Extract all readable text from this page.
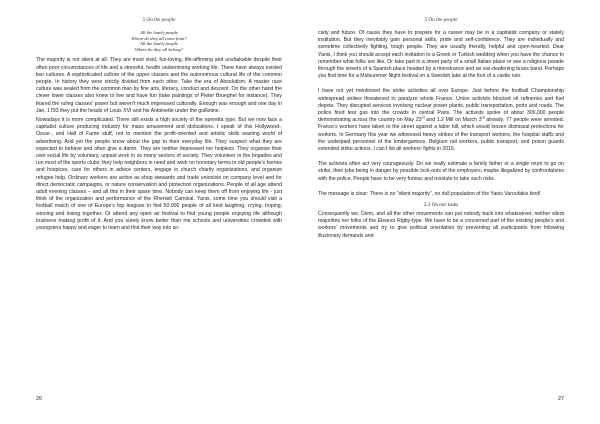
5 On the people
All the lonely people
Where do they all come from?
All the lonely people
Where do they all belong?

The majority is not silent at all. They are most vivid, fun-loving, life-affirming and unshakable despite their often poor circumstances of life and a stressful, health undermining working life. There have always existed two cultures. A sophisticated culture of the upper classes and the autonomous cultural life of the common people. In history they were strictly divided from each other. Take the era of Absolutism. A master race culture was sealed from the common man by fine arts, literacy, conduct and descent. On the other hand the clever lower classes also knew to live and have fun (take paintings of Pieter Brueghel for instance). They feared the ruling classes’ power but weren’t much impressed culturally. Enough was enough and one day in Jan. 1793 they put the heads of Louis XVI and his Antoinette under the guillotine.

Nowadays it is more complicated. There still exists a high society of the operetta type. But we now face a capitalist culture producing industry for mass amusement and idolizations. I speak of this Hollywood-, Oscar-, and Hall of Fame stuff, not to mention the profit-oriented and artistic skills wasting world of advertising. And yet the people know about the gap to their everyday life. They suspect what they are expected to behave and often give a damn. They are neither depressed nor helpless. They organize their own social life by voluntary, unpaid work in so many sectors of society. They volunteer in fire brigades and run most of the sports clubs; they help neighbors in need and work on honorary terms in old people’s homes and hospices, care for others in advice centers, engage in church charity organizations, and organize refugee help. Ordinary workers are active as shop stewards and trade unionists on company level and for direct democratic campaigns, or nature conservation and protection organizations. People of all age attend adult evening classes – and all this in their spare time. Nobody can keep them off from enjoying life - just think of the organization and performance of the Rhenish Carnival. Yanis, some time you should visit a football match of one of Europe’s top leagues to find 50.000 people of all kind laughing, crying, hoping, winning and losing together. Or attend any open air festival to find young people enjoying life although business making profit of it. And you surely know better than me schools and universities crowded with youngsters happy and eager to learn and find their way into so-

26
5 On the people

ciety and future. Of cause they have to prepare for a career may be in a capitalist company or stately institution. But they inevitably gain personal skills, pride and self-confidence. They are individually and sometime collectively fighting, tough people. They are usually friendly, helpful and open-hearted. Dear Yanis, I think you should accept each invitation to a Greek or Turkish wedding when you have the chance to remember what folks are like. Or take part in a street party of a small Italian place or see a religious parade through the streets of a Spanish place headed by a monstrance and an ear-deafening brass band. Perhaps you find time for a Midsummer Night festival on a Swedish lake at the foot of a castle ruin.

I have not yet mentioned the strike activities all over Europe. Just before the football Championship widespread strikes threatened to paralyze whole France. Union activists blocked oil refineries and fuel depots. They disrupted services involving nuclear power plants, public transportation, ports and roads. The police fired tear gas into the crowds in central Paris. The activists spoke of about 300,000 people demonstrating across the country on May 23rd and 1.2 Mill on March 3rd already. 77 people were arrested. France’s workers have taken to the street against a labor bill, which would loosen dismissal protections for workers. In Germany this year we witnessed heavy strikes of the transport workers, the hospital staffs and the underpaid personnel of the kindergartens. Belgium rail workers, public transport, and prison guards extended strike actions. I can’t list all workers’ fights in 2016.

The activists often act very courageously. Do we really estimate a family father or a single mum to go on strike, their jobs being in danger by possible lock-outs of the employers, maybe illegalized by confrontations with the police. People have to be very furious and resolute to take such risks.

The message is clear: There is no “silent majority”, no dull population of the Yanis Varoufakis kind!

5.3 On our tasks

Consequently we, Diem, and all the other movements can put nobody back into whatsoever, neither silent majorities nor folks of the Eleanor Rigby-type. We have to be a concerned part of the existing people’s and workers’ movements and try to give political orientation by preventing all participants from following illusionary demands and

27
